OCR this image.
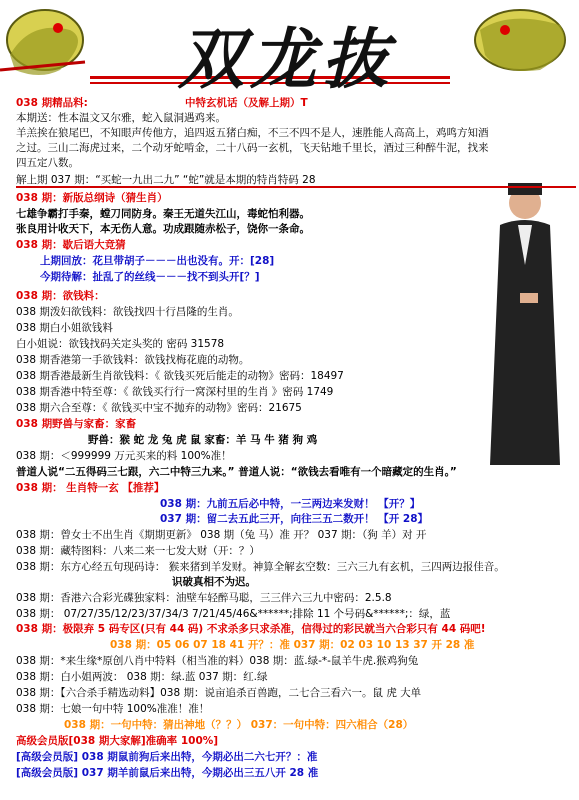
双龙抜
038 期精品料:	中特玄机话（及解上期）T
本期送：性本温文又尔雅，蛇入鼠洞遇鸡来。
羊羔挨在狼尾巴，不知眼声传他方，追四返五猪白痴，不三不四不是人，速胜能人高高上，鸡鸣方知酒
之过。三山二海虎过来，二个动牙蛇啃金，二十八码一玄机，飞天钻地千里长，酒过三种醉牛泥，找来
四五定八数。
解上期 037 期：“买蛇一九出二九” “蛇”就是本期的特肖特码 28
038 期：新版总纲诗（猜生肖）
七雄争霸打手秦，螳刀同防身。秦王无道失江山，毒蛇怕利器。
张良用计收天下，本无伤人意。功成跟随赤松子，饶你一条命。
038 期：歇后语大竞猜
上期回放：花旦带胡子－－－出也没有。开：[28]
今期待解：扯乱了的丝线－－－找不到头开[？]
038 期：欲钱料：
038 期泼妇欲钱料：欲钱找四十行昌隆的生肖。
038 期白小姐欲钱料
白小姐说：欲钱找码关定头奖的 密码 31578
038 期香港第一手欲钱料：欲钱找梅花鹿的动物。
038 期香港最新生肖欲钱料：《 欲钱买死后能走的动物》密码：18497
038 期香港中特至尊：《 欲钱买行行一窝深村里的生肖 》密码 1749
038 期六合至尊：《 欲钱买中宝不抛弃的动物》密码：21675
038 期野兽与家畜：家畜
野兽：猴 蛇 龙 兔 虎 鼠 家畜：羊 马 牛 猪 狗 鸡
038 期：＜999999 万元买来的料 100%准！
普道人说“二五得码三七跟，六二中特三九来。” 普道人说：“欲钱去看唯有一个暗藏定的生肖。”
038 期： 生肖特一玄 【推荐】
038 期：九前五后必中特，一三两边来发财！ 【开？】
037 期：留二去五此三开，向往三五二数开！ 【开 28】
038 期：曾女士不出生肖《期期更新》 038 期（兔 马）准 开？ 037 期：（狗 羊）对 开
038 期：藏特图料：八来二来一七发大财（开：？）
038 期：东方心经五句现码诗： 猴来猪到羊发财。神算全解玄空数：三六三九有玄机，三四两边报佳音。
识破真相不为迟。
038 期：香港六合彩光碟独家料：油壁车轻醉马聪，三三伴六三九中密码：2.5.8
038 期： 07/27/35/12/23/37/34/3 7/21/45/46&******;排除 11 个号码&******;：绿，蓝
038 期：极限弃 5 码专区(只有 44 码) 不求杀多只求杀准，信得过的彩民就当六合彩只有 44 码吧!
038 期：05 06 07 18 41 开？：准 037 期：02 03 10 13 37 开 28 准
038 期：*来生缘*原创八肖中特料（相当准的料）038 期：蓝.绿-*-鼠羊牛虎.猴鸡狗兔
038 期：白小姐两波： 038 期：绿.蓝 037 期：红.绿
038 期：【六合杀手精选动料】038 期：说亩追杀百兽跑，二七合三看六一。鼠 虎 大单
038 期：七娘一句中特 100%准准！准！
038 期：一句中特：猜出神地（？？） 037：一句中特：四六相合（28）
高级会员版[038 期大家解]准确率 100%]
[高级会员版] 038 期鼠前狗后来出特，今期必出二六七开？：准
[高级会员版] 037 期羊前鼠后来出特，今期必出三五八开 28 准
